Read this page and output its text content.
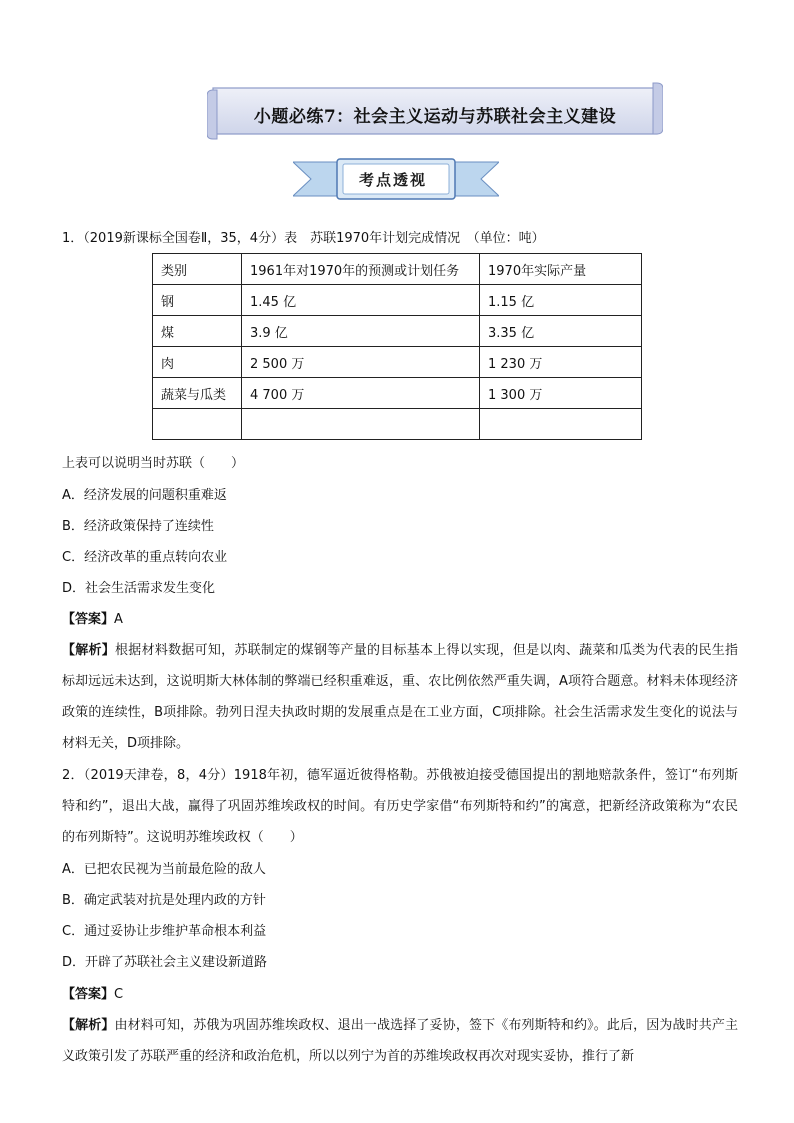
小题必练7：社会主义运动与苏联社会主义建设
考点透视
1．（2019新课标全国卷Ⅱ，35，4分）表　苏联1970年计划完成情况　（单位：吨）
类别	1961年对1970年的预测或计划任务	1970年实际产量
钢	1.45 亿	1.15 亿
煤	3.9 亿	3.35 亿
肉	2 500 万	1 230 万
蔬菜与瓜类	4 700 万	1 300 万

上表可以说明当时苏联（　　）
A．经济发展的问题积重难返
B．经济政策保持了连续性
C．经济改革的重点转向农业
D．社会生活需求发生变化
【答案】A
【解析】根据材料数据可知，苏联制定的煤钢等产量的目标基本上得以实现，但是以肉、蔬菜和瓜类为代表的民生指标却远远未达到，这说明斯大林体制的弊端已经积重难返，重、农比例依然严重失调，A项符合题意。材料未体现经济政策的连续性，B项排除。勃列日涅夫执政时期的发展重点是在工业方面，C项排除。社会生活需求发生变化的说法与材料无关，D项排除。
2．（2019天津卷，8，4分）1918年初，德军逼近彼得格勒。苏俄被迫接受德国提出的割地赔款条件，签订“布列斯特和约”，退出大战，赢得了巩固苏维埃政权的时间。有历史学家借“布列斯特和约”的寓意，把新经济政策称为“农民的布列斯特”。这说明苏维埃政权（　　）
A．已把农民视为当前最危险的敌人
B．确定武装对抗是处理内政的方针
C．通过妥协让步维护革命根本利益
D．开辟了苏联社会主义建设新道路
【答案】C
【解析】由材料可知，苏俄为巩固苏维埃政权、退出一战选择了妥协，签下《布列斯特和约》。此后，因为战时共产主义政策引发了苏联严重的经济和政治危机，所以以列宁为首的苏维埃政权再次对现实妥协，推行了新
